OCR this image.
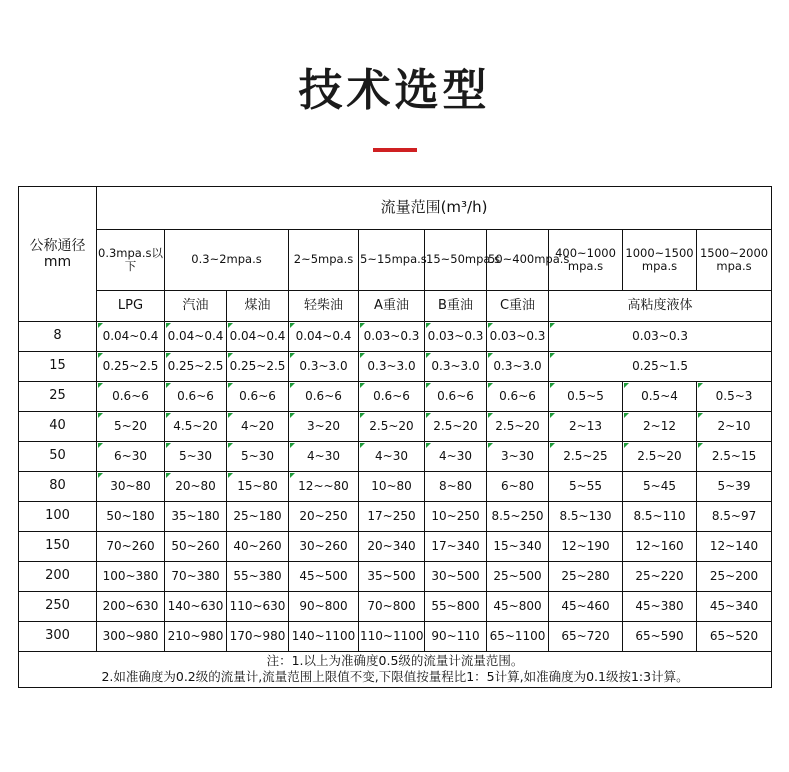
技术选型
公称通径
mm	流量范围(m³/h)									
	0.3mpa.s以下	0.3~2mpa.s		2~5mpa.s	5~15mpa.s	15~50mpa.s	50~400mpa.s	400~1000 mpa.s	1000~1500 mpa.s	1500~2000 mpa.s
	LPG	汽油	煤油	轻柴油	A重油	B重油	C重油	高粘度液体		
8	0.04~0.4	0.04~0.4	0.04~0.4	0.04~0.4	0.03~0.3	0.03~0.3	0.03~0.3	0.03~0.3		
15	0.25~2.5	0.25~2.5	0.25~2.5	0.3~3.0	0.3~3.0	0.3~3.0	0.3~3.0	0.25~1.5		
25	0.6~6	0.6~6	0.6~6	0.6~6	0.6~6	0.6~6	0.6~6	0.5~5	0.5~4	0.5~3
40	5~20	4.5~20	4~20	3~20	2.5~20	2.5~20	2.5~20	2~13	2~12	2~10
50	6~30	5~30	5~30	4~30	4~30	4~30	3~30	2.5~25	2.5~20	2.5~15
80	30~80	20~80	15~80	12~~80	10~80	8~80	6~80	5~55	5~45	5~39
100	50~180	35~180	25~180	20~250	17~250	10~250	8.5~250	8.5~130	8.5~110	8.5~97
150	70~260	50~260	40~260	30~260	20~340	17~340	15~340	12~190	12~160	12~140
200	100~380	70~380	55~380	45~500	35~500	30~500	25~500	25~280	25~220	25~200
250	200~630	140~630	110~630	90~800	70~800	55~800	45~800	45~460	45~380	45~340
300	300~980	210~980	170~980	140~1100	110~1100	90~110	65~1100	65~720	65~590	65~520
注：1.以上为准确度0.5级的流量计流量范围。
2.如准确度为0.2级的流量计,流量范围上限值不变,下限值按量程比1：5计算,如准确度为0.1级按1:3计算。										
